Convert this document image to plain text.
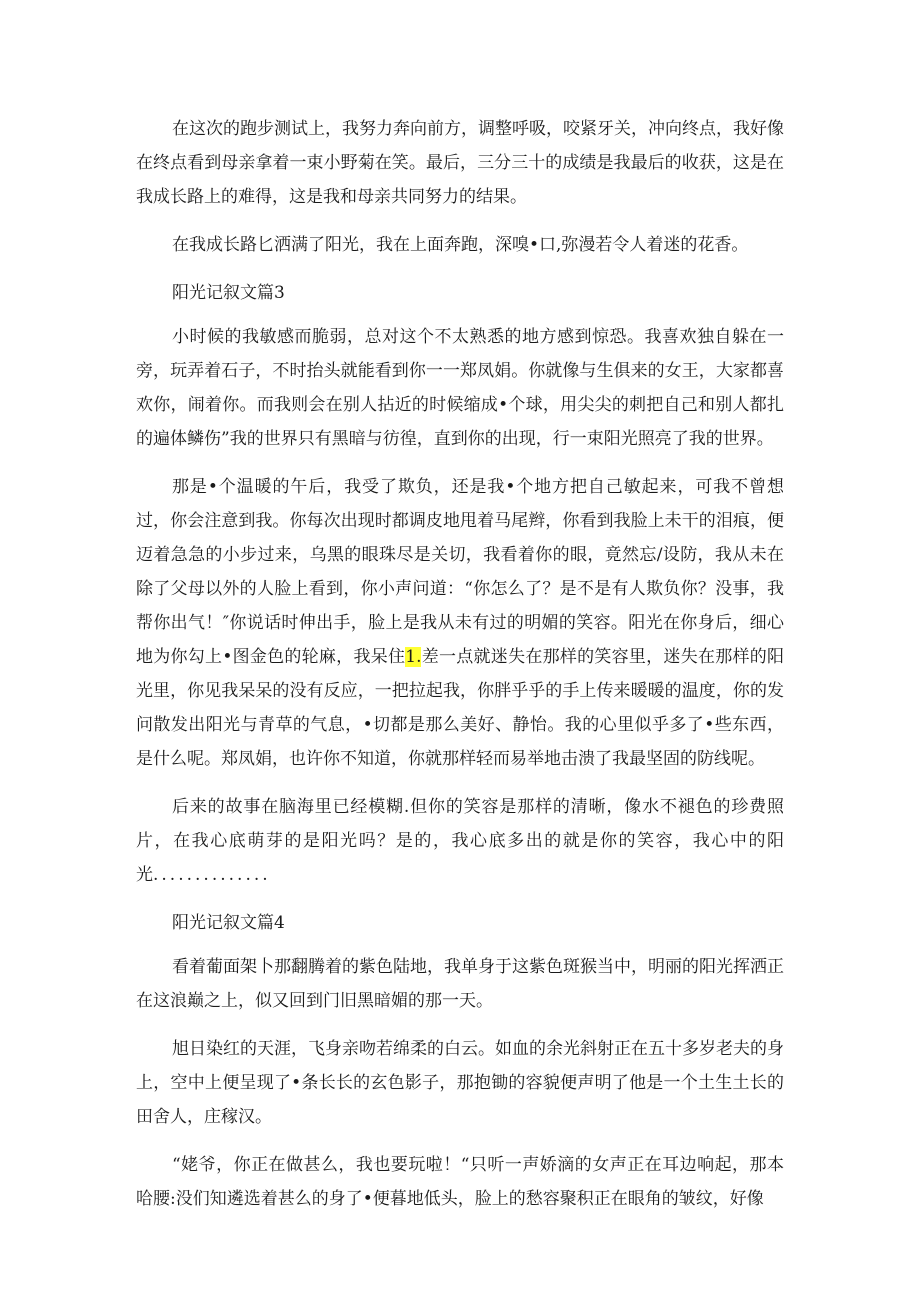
在这次的跑步测试上，我努力奔向前方，调整呼吸，咬紧牙关，冲向终点，我好像在终点看到母亲拿着一束小野菊在笑。最后，三分三十的成绩是我最后的收获，这是在我成长路上的难得，这是我和母亲共同努力的结果。

在我成长路匕洒满了阳光，我在上面奔跑，深嗅•口,弥漫若令人着迷的花香。

阳光记叙文篇3

小时候的我敏感而脆弱，总对这个不太熟悉的地方感到惊恐。我喜欢独自躲在一旁，玩弄着石子，不时抬头就能看到你一一郑凤娟。你就像与生俱来的女王，大家都喜欢你，闹着你。而我则会在别人拈近的时候缩成•个球，用尖尖的刺把自己和别人都扎的遍体鳞伤”我的世界只有黑暗与彷徨，直到你的出现，行一束阳光照亮了我的世界。

那是•个温暖的午后，我受了欺负，还是我•个地方把自己敏起来，可我不曾想过，你会注意到我。你每次出现时都调皮地甩着马尾辫，你看到我脸上未干的泪痕，便迈着急急的小步过来，乌黑的眼珠尽是关切，我看着你的眼，竟然忘/设防，我从未在除了父母以外的人脸上看到，你小声问道：“你怎么了？是不是有人欺负你？没事，我帮你出气！″你说话时伸出手，脸上是我从未有过的明媚的笑容。阳光在你身后，细心地为你勾上•图金色的轮麻，我呆住1.差一点就迷失在那样的笑容里，迷失在那样的阳光里，你见我呆呆的没有反应，一把拉起我，你胖乎乎的手上传来暖暖的温度，你的发问散发出阳光与青草的气息，•切都是那么美好、静怡。我的心里似乎多了•些东西，是什么呢。郑凤娟，也许你不知道，你就那样轻而易举地击溃了我最坚固的防线呢。

后来的故事在脑海里已经模糊.但你的笑容是那样的清晰，像水不褪色的珍费照片，在我心底萌芽的是阳光吗？是的，我心底多出的就是你的笑容，我心中的阳光..............

阳光记叙文篇4

看着葡面架卜那翻腾着的紫色陆地，我单身于这紫色斑猴当中，明丽的阳光挥洒正在这浪巅之上，似又回到门旧黑暗媚的那一天。

旭日染红的天涯，飞身亲吻若绵柔的白云。如血的余光斜射正在五十多岁老夫的身上，空中上便呈现了•条长长的玄色影子，那抱锄的容貌便声明了他是一个土生土长的田舍人，庄稼汉。

“姥爷，你正在做甚么，我也要玩啦！“只听一声娇滴的女声正在耳边响起，那本哈腰:没们知遴选着甚么的身了•便暮地低头，脸上的愁容聚积正在眼角的皱纹，好像
